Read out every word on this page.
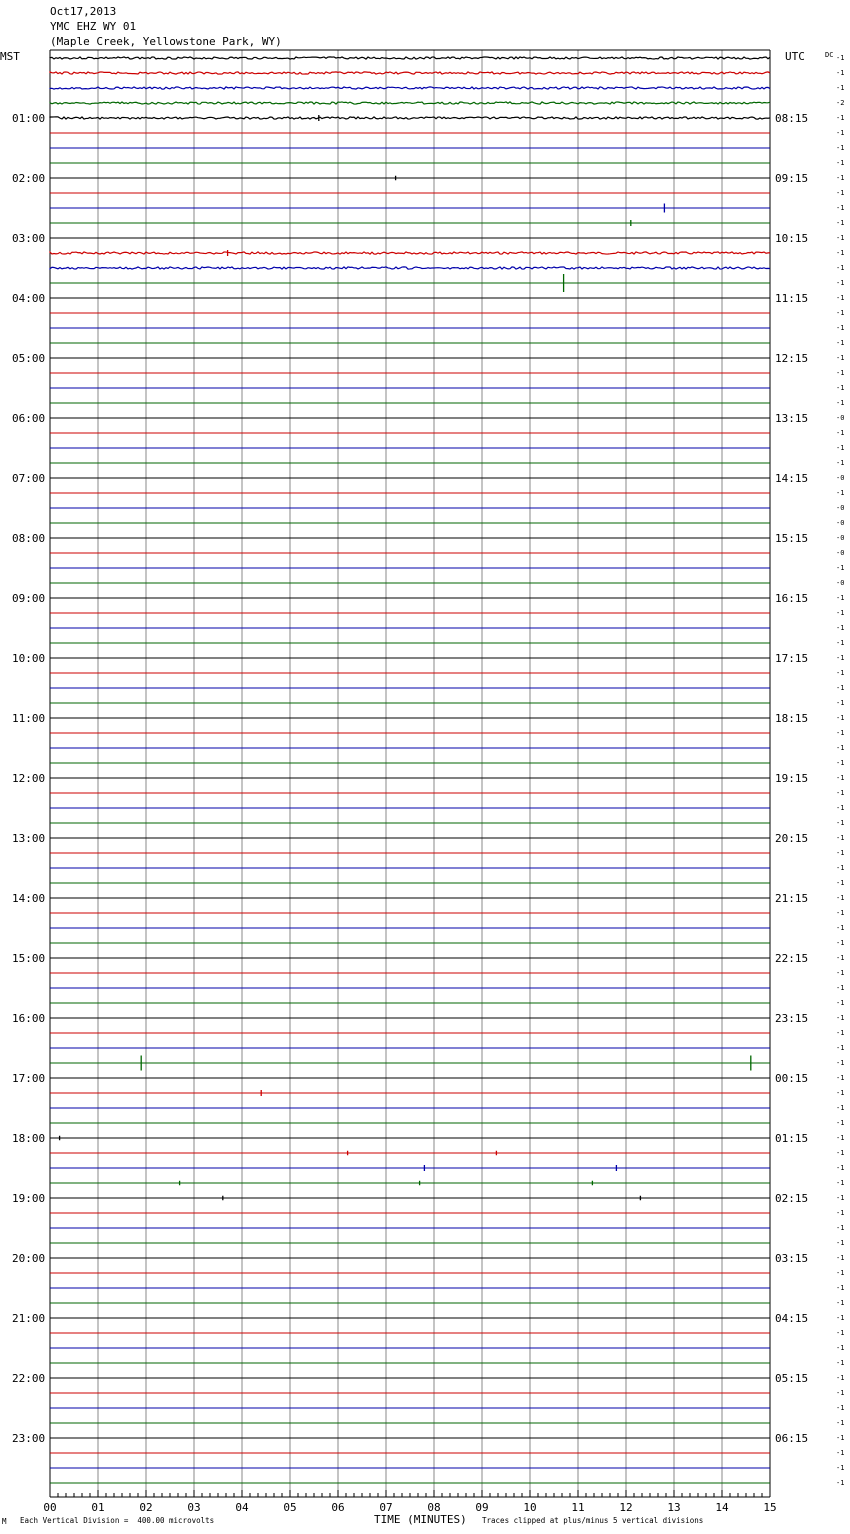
Oct17,2013
YMC EHZ WY 01
(Maple Creek, Yellowstone Park, WY)
MST	UTC	DC
00	01	02	03	04	05	06	07	08	09	10	11	12	13	14	15
01:00
02:00
03:00
04:00
05:00
06:00
07:00
08:00
09:00
10:00
11:00
12:00
13:00
14:00
15:00
16:00
17:00
18:00
19:00
20:00
21:00
22:00
23:00
08:15
09:15
10:15
11:15
12:15
13:15
14:15
15:15
16:15
17:15
18:15
19:15
20:15
21:15
22:15
23:15
00:15
01:15
02:15
03:15
04:15
05:15
06:15
-1
-1
-1
-2
-1
-1
-1
-1
-1
-1
-1
-1
-1
-1
-1
-1
-1
-1
-1
-1
-1
-1
-1
-1
-0
-1
-1
-1
-0
-1
-0
-0
-0
-0
-1
-0
-1
-1
-1
-1
-1
-1
-1
-1
-1
-1
-1
-1
-1
-1
-1
-1
-1
-1
-1
-1
-1
-1
-1
-1
-1
-1
-1
-1
-1
-1
-1
-1
-1
-1
-1
-1
-1
-1
-1
-1
-1
-1
-1
-1
-1
-1
-1
-1
-1
-1
-1
-1
-1
-1
-1
-1
-1
-1
-1
-1
M Each Vertical Division =  400.00 microvolts	TIME (MINUTES) Traces clipped at plus/minus 5 vertical divisions
